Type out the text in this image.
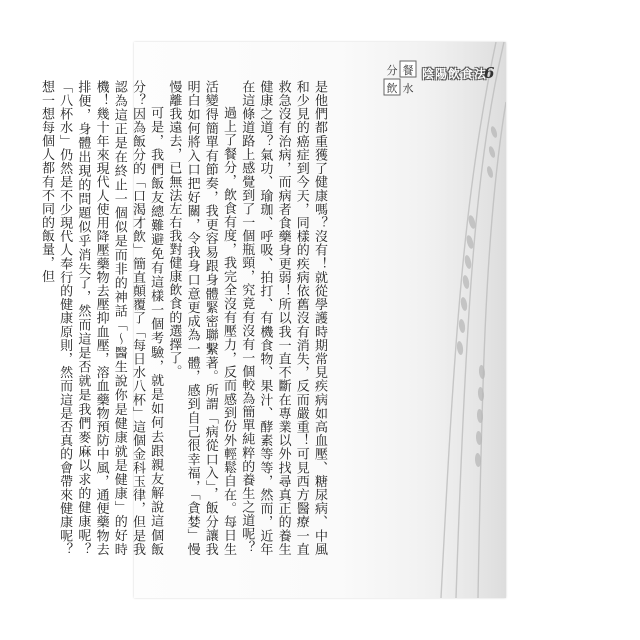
分 餐
飲 水
陰陽飲食法
6

是他們都重獲了健康嗎？沒有！就從學護時期常見疾病如高血壓、糖尿病、中風和少見的癌症到今天，同樣的疾病依舊沒有消失，反而嚴重！可見西方醫療一直救急沒有治病，而病者食藥身更弱！所以我一直不斷在專業以外找尋真正的養生健康之道？氣功、瑜珈、呼吸、拍打、有機食物、果汁、酵素等等，然而，近年在這條道路上感覺到了一個瓶頸，究竟有沒有一個較為簡單純粹的養生之道呢？

過上了餐分，飲食有度，我完全沒有壓力，反而感到份外輕鬆自在。每日生活變得簡單有節奏，我更容易跟身體緊密聯繫著。所謂「病從口入」，飯分讓我明白如何將入口把好關，令我身口意更成為一體，感到自己很幸福，「貪婪」慢慢離我遠去，已無法左右我對健康飲食的選擇了。

可是，我們飯友總難避免有這樣一個考驗，就是如何去跟親友解說這個飯分？因為飯分的「口渴才飲」簡直顛覆了「每日水八杯」這個金科玉律，但是我認為這正是在終止一個似是而非的神話「～醫生說你是健康就是健康」的好時機！幾十年來現代人使用降壓藥物去壓抑血壓，溶血藥物預防中風，通便藥物去排便，身體出現的問題似乎消失了，然而這是否就是我們麥麻以求的健康呢？「八杯水」仍然是不少現代人奉行的健康原則，然而這是否真的會帶來健康呢？想一想每個人都有不同的飯量，但
